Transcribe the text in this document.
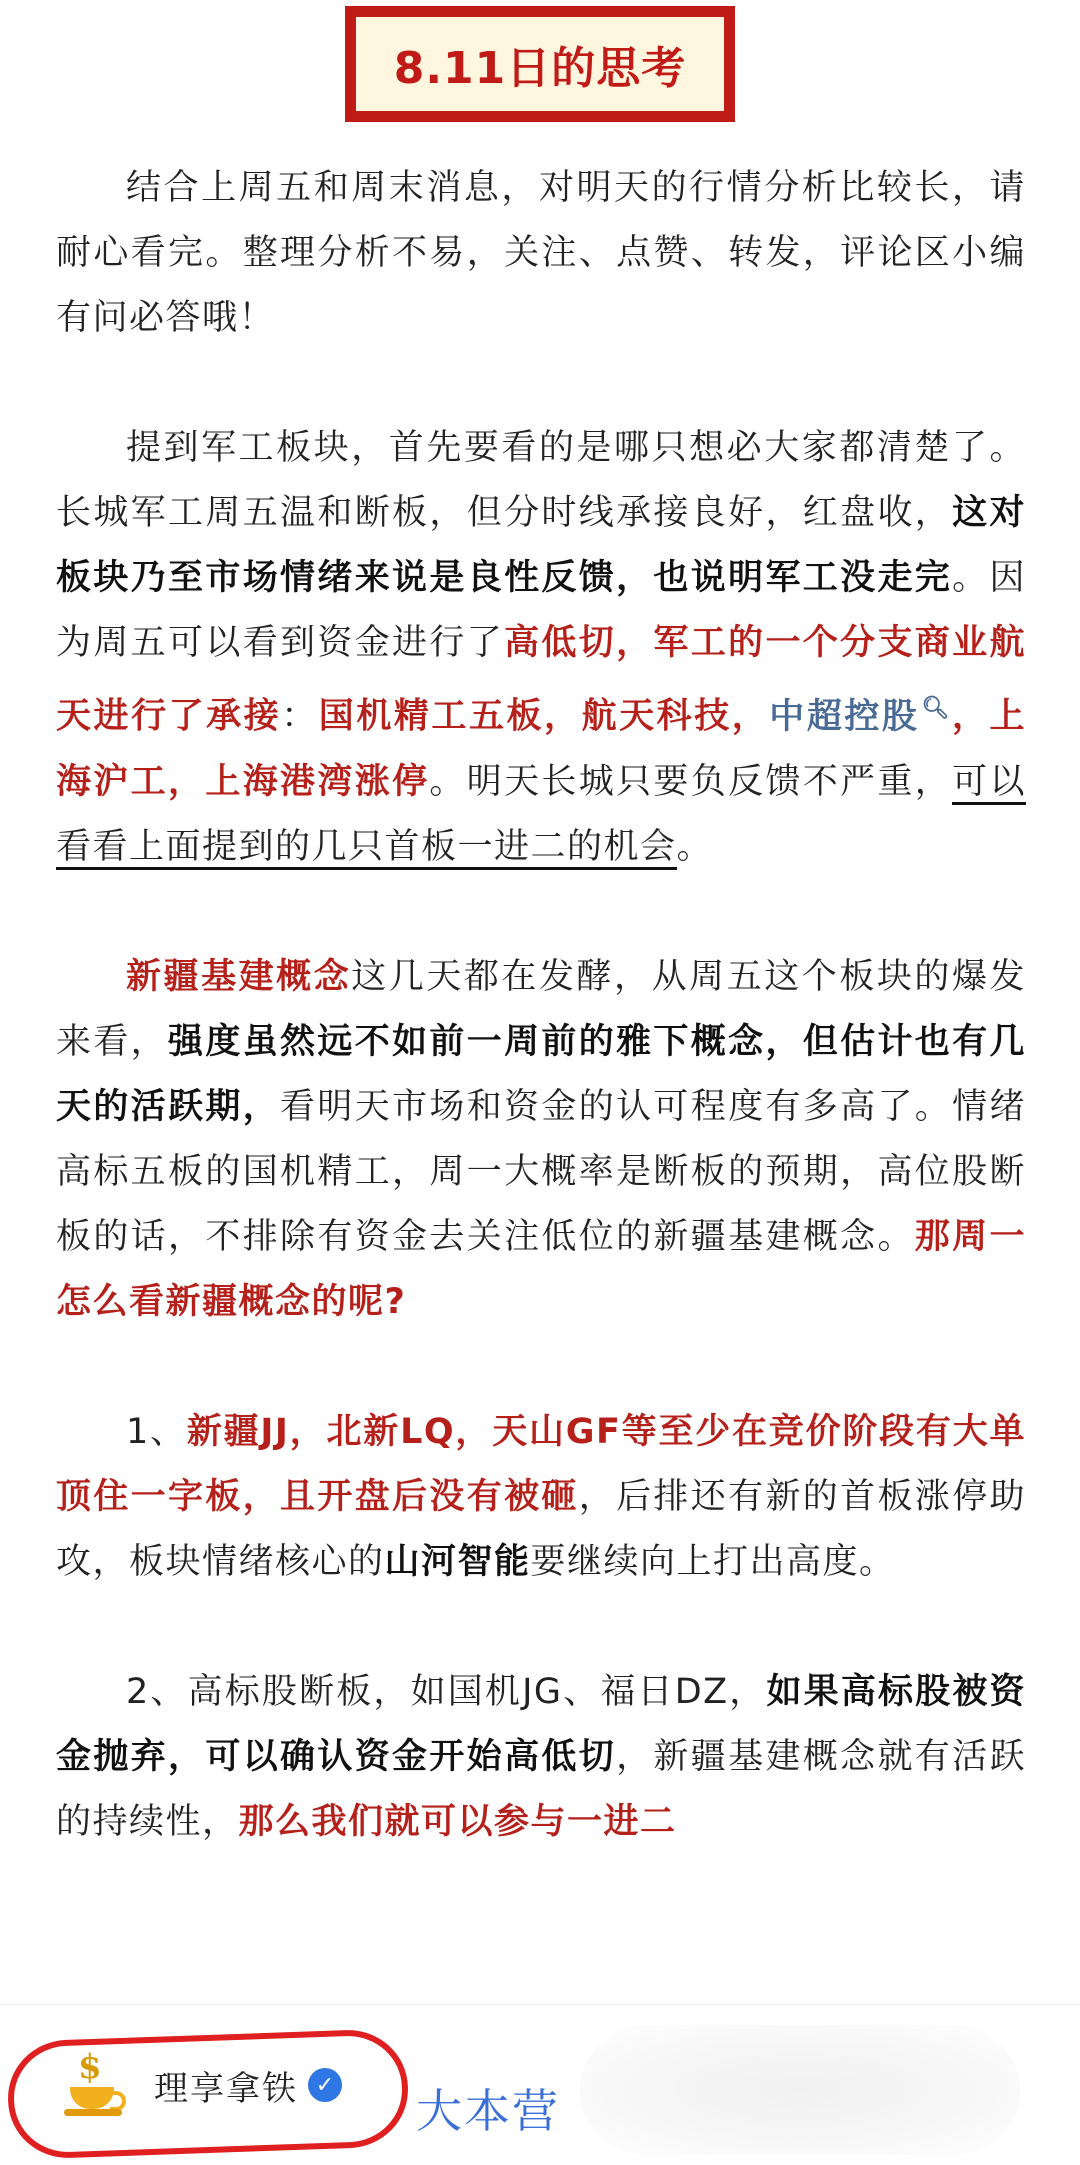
8.11日的思考

结合上周五和周末消息，对明天的行情分析比较长，请耐心看完。整理分析不易，关注、点赞、转发，评论区小编有问必答哦！

提到军工板块，首先要看的是哪只想必大家都清楚了。长城军工周五温和断板，但分时线承接良好，红盘收，这对板块乃至市场情绪来说是良性反馈，也说明军工没走完。因为周五可以看到资金进行了高低切，军工的一个分支商业航天进行了承接：国机精工五板，航天科技，中超控股🔍︎，上海沪工，上海港湾涨停。明天长城只要负反馈不严重，可以看看上面提到的几只首板一进二的机会。

新疆基建概念这几天都在发酵，从周五这个板块的爆发来看，强度虽然远不如前一周前的雅下概念，但估计也有几天的活跃期，看明天市场和资金的认可程度有多高了。情绪高标五板的国机精工，周一大概率是断板的预期，高位股断板的话，不排除有资金去关注低位的新疆基建概念。那周一怎么看新疆概念的呢?

1、新疆JJ，北新LQ，天山GF等至少在竞价阶段有大单顶住一字板，且开盘后没有被砸，后排还有新的首板涨停助攻，板块情绪核心的山河智能要继续向上打出高度。

2、高标股断板，如国机JG、福日DZ，如果高标股被资金抛弃，可以确认资金开始高低切，新疆基建概念就有活跃的持续性，那么我们就可以参与一进二

$
理享拿铁 ✓ 大本营
